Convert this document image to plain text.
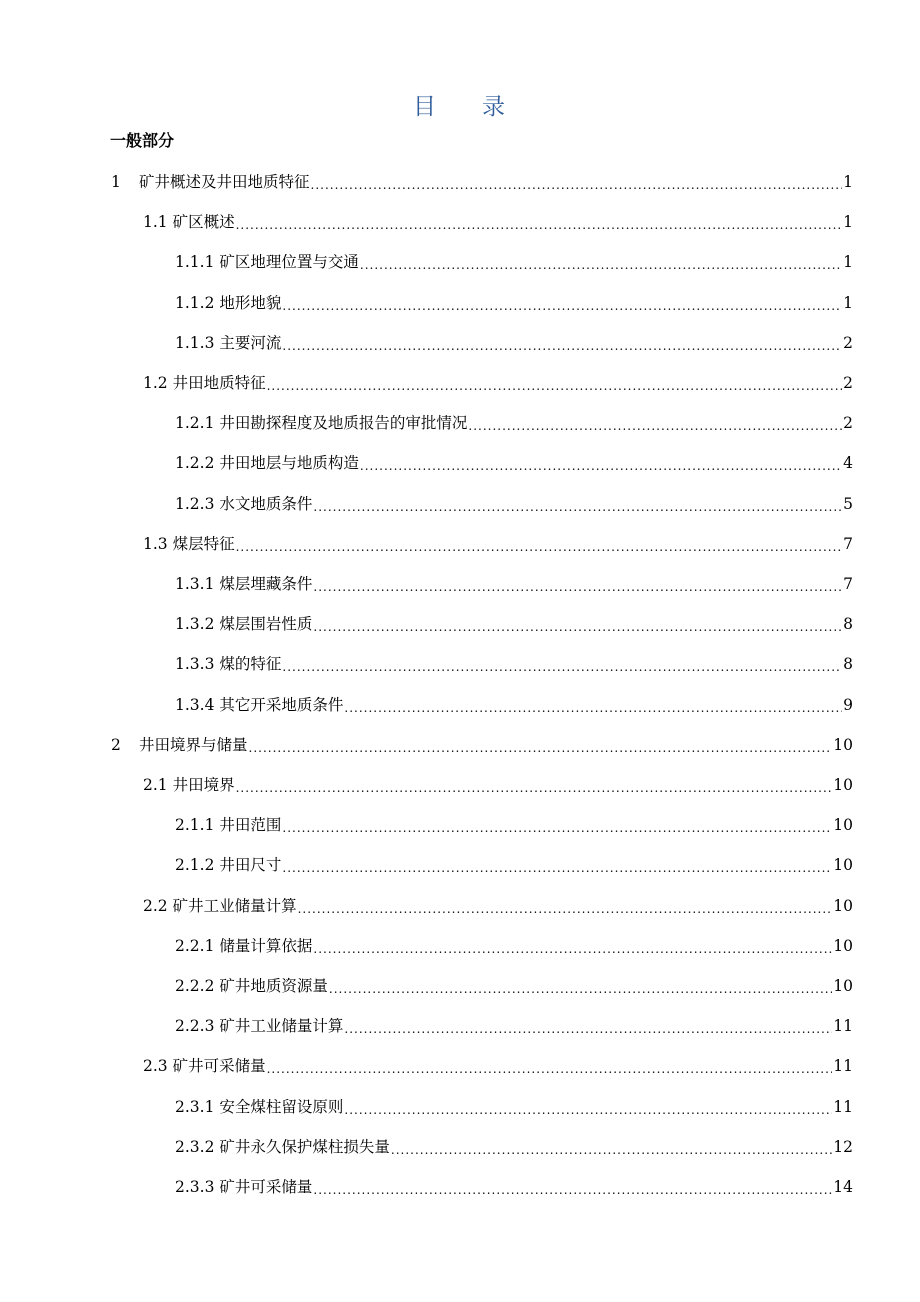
目 录
一般部分
1 矿井概述及井田地质特征 .....	1
1.1 矿区概述 .....	1
1.1.1 矿区地理位置与交通 .....	1
1.1.2 地形地貌 .....	1
1.1.3 主要河流 .....	2
1.2 井田地质特征 .....	2
1.2.1 井田勘探程度及地质报告的审批情况 .....	2
1.2.2 井田地层与地质构造 .....	4
1.2.3 水文地质条件 .....	5
1.3 煤层特征 .....	7
1.3.1 煤层埋藏条件 .....	7
1.3.2 煤层围岩性质 .....	8
1.3.3 煤的特征 .....	8
1.3.4 其它开采地质条件 .....	9
2 井田境界与储量 .....	10
2.1 井田境界 .....	10
2.1.1 井田范围 .....	10
2.1.2 井田尺寸 .....	10
2.2 矿井工业储量计算 .....	10
2.2.1 储量计算依据 .....	10
2.2.2 矿井地质资源量 .....	10
2.2.3 矿井工业储量计算 .....	11
2.3 矿井可采储量 .....	11
2.3.1 安全煤柱留设原则 .....	11
2.3.2 矿井永久保护煤柱损失量 .....	12
2.3.3 矿井可采储量 .....	14
